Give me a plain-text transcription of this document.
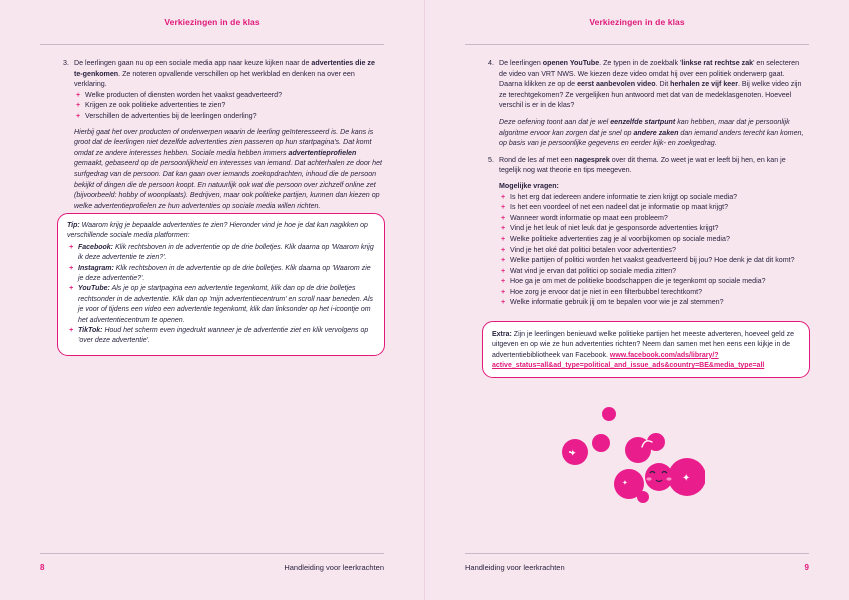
Verkiezingen in de klas
3. De leerlingen gaan nu op een sociale media app naar keuze kijken naar de advertenties die ze te-genkomen. Ze noteren opvallende verschillen op het werkblad en denken na over een verklaring.

+ Welke producten of diensten worden het vaakst geadverteerd?
+ Krijgen ze ook politieke advertenties te zien?
+ Verschillen de advertenties bij de leerlingen onderling?

Hierbij gaat het over producten of onderwerpen waarin de leerling geïnteresseerd is. De kans is groot dat de leerlingen niet dezelfde advertenties zien passeren op hun startpagina's. Dat komt omdat ze andere interesses hebben. Sociale media hebben immers advertentieprofielen gemaakt, gebaseerd op de persoonlijkheid en interesses van iemand. Dat achterhalen ze door het surfgedrag van de persoon. Dat kan gaan over iemands zoekopdrachten, inhoud die de persoon bekijkt of dingen die de persoon koopt. En natuurlijk ook wat die persoon over zichzelf online zet (bijvoorbeeld: hobby of woonplaats). Bedrijven, maar ook politieke partijen, kunnen dan kiezen op welke advertentieprofielen ze hun advertenties op sociale media willen richten.

Tip: Waarom krijg je bepaalde advertenties te zien? Hieronder vind je hoe je dat kan nagikken op verschillende sociale media platformen:

+ Facebook: Klik rechtsboven in de advertentie op de drie bolletjes. Klik daarna op 'Waarom krijg ik deze advertentie te zien?'.
+ Instagram: Klik rechtsboven in de advertentie op de drie bolletjes. Klik daarna op 'Waarom zie je deze advertentie?'.
+ YouTube: Als je op je startpagina een advertentie tegenkomt, klik dan op de drie bolletjes rechtsonder in de advertentie. Klik dan op 'mijn advertentiecentrum' en scroll naar beneden. Als je voor of tijdens een video een advertentie tegenkomt, klik dan linksonder op het i-icoontje om het advertentiecentrum te openen.
+ TikTok: Houd het scherm even ingedrukt wanneer je de advertentie ziet en klik vervolgens op 'over deze advertentie'.
8	Handleiding voor leerkrachten
Verkiezingen in de klas
4. De leerlingen openen YouTube. Ze typen in de zoekbalk 'linkse rat rechtse zak' en selecteren de video van VRT NWS. We kiezen deze video omdat hij over een politiek onderwerp gaat. Daarna klikken ze op de eerst aanbevolen video. Dit herhalen ze vijf keer. Bij welke video zijn ze terechtgekomen? Ze vergelijken hun antwoord met dat van de medeklasgenoten. Hoeveel verschil is er in de klas?

Deze oefening toont aan dat je wel eenzelfde startpunt kan hebben, maar dat je persoonlijk algoritme ervoor kan zorgen dat je snel op andere zaken dan iemand anders terecht kan komen, op basis van je persoonlijke gegevens en eerder kijk- en zoekgedrag.

5. Rond de les af met een nagesprek over dit thema. Zo weet je wat er leeft bij hen, en kan je tegelijk nog wat theorie en tips meegeven.

Mogelijke vragen:

+ Is het erg dat iedereen andere informatie te zien krijgt op sociale media?
+ Is het een voordeel of net een nadeel dat je informatie op maat krijgt?
+ Wanneer wordt informatie op maat een probleem?
+ Vind je het leuk of niet leuk dat je gesponsorde advertenties krijgt?
+ Welke politieke advertenties zag je al voorbijkomen op sociale media?
+ Vind je het oké dat politici betalen voor advertenties?
+ Welke partijen of politici worden het vaakst geadverteerd bij jou? Hoe denk je dat dit komt?
+ Wat vind je ervan dat politici op sociale media zitten?
+ Hoe ga je om met de politieke boodschappen die je tegenkomt op sociale media?
+ Hoe zorg je ervoor dat je niet in een filterbubbel terechtkomt?
+ Welke informatie gebruik jij om te bepalen voor wie je zal stemmen?

Extra: Zijn je leerlingen benieuwd welke politieke partijen het meeste adverteren, hoeveel geld ze uitgeven en op wie ze hun advertenties richten? Neem dan samen met hen eens een kijkje in de advertentiebibliotheek van Facebook. www.facebook.com/ads/library/?active_status=all&ad_type=political_and_issue_ads&country=BE&media_type=all

✦
✦
✦
Handleiding voor leerkrachten	9
